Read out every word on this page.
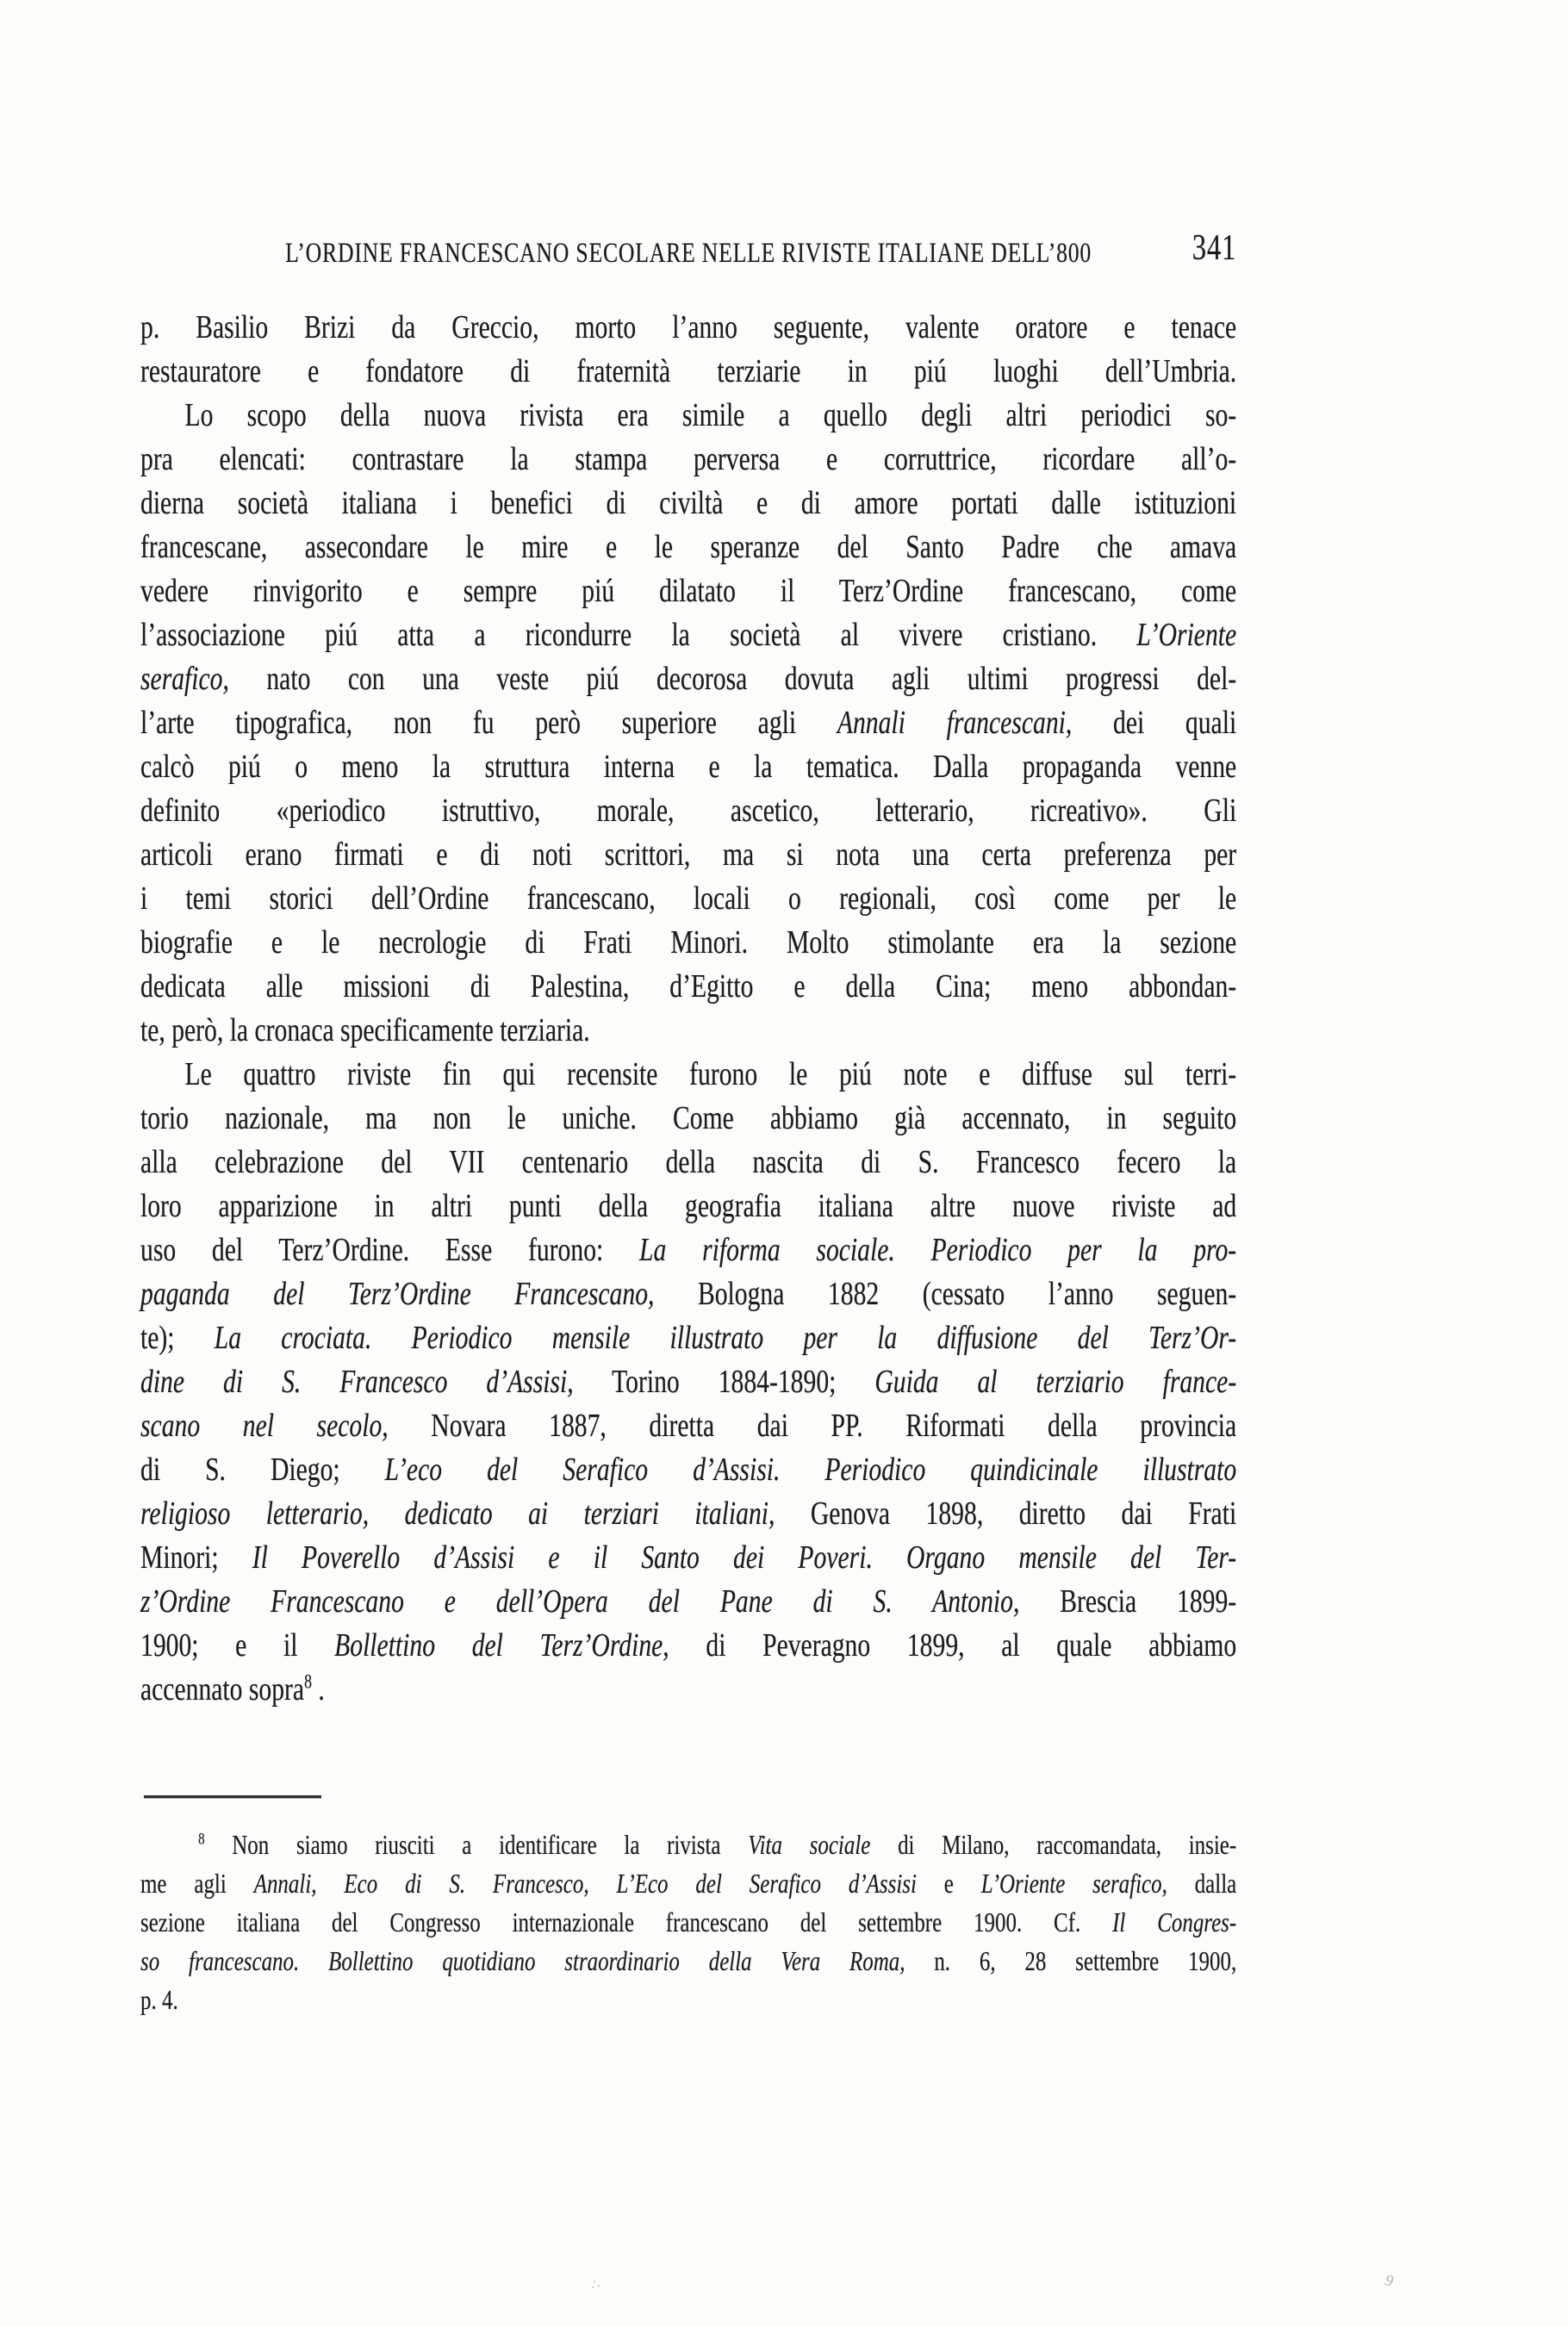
L’ORDINE FRANCESCANO SECOLARE NELLE RIVISTE ITALIANE DELL’800	341
p. Basilio Brizi da Greccio, morto l’anno seguente, valente oratore e tenace
restauratore e fondatore di fraternità terziarie in piú luoghi dell’Umbria.
Lo scopo della nuova rivista era simile a quello degli altri periodici so-
pra elencati: contrastare la stampa perversa e corruttrice, ricordare all’o-
dierna società italiana i benefici di civiltà e di amore portati dalle istituzioni
francescane, assecondare le mire e le speranze del Santo Padre che amava
vedere rinvigorito e sempre piú dilatato il Terz’Ordine francescano, come
l’associazione piú atta a ricondurre la società al vivere cristiano. L’Oriente
serafico, nato con una veste piú decorosa dovuta agli ultimi progressi del-
l’arte tipografica, non fu però superiore agli Annali francescani, dei quali
calcò piú o meno la struttura interna e la tematica. Dalla propaganda venne
definito «periodico istruttivo, morale, ascetico, letterario, ricreativo». Gli
articoli erano firmati e di noti scrittori, ma si nota una certa preferenza per
i temi storici dell’Ordine francescano, locali o regionali, così come per le
biografie e le necrologie di Frati Minori. Molto stimolante era la sezione
dedicata alle missioni di Palestina, d’Egitto e della Cina; meno abbondan-
te, però, la cronaca specificamente terziaria.
Le quattro riviste fin qui recensite furono le piú note e diffuse sul terri-
torio nazionale, ma non le uniche. Come abbiamo già accennato, in seguito
alla celebrazione del VII centenario della nascita di S. Francesco fecero la
loro apparizione in altri punti della geografia italiana altre nuove riviste ad
uso del Terz’Ordine. Esse furono: La riforma sociale. Periodico per la pro-
paganda del Terz’Ordine Francescano, Bologna 1882 (cessato l’anno seguen-
te); La crociata. Periodico mensile illustrato per la diffusione del Terz’Or-
dine di S. Francesco d’Assisi, Torino 1884-1890; Guida al terziario france-
scano nel secolo, Novara 1887, diretta dai PP. Riformati della provincia
di S. Diego; L’eco del Serafico d’Assisi. Periodico quindicinale illustrato
religioso letterario, dedicato ai terziari italiani, Genova 1898, diretto dai Frati
Minori; Il Poverello d’Assisi e il Santo dei Poveri. Organo mensile del Ter-
z’Ordine Francescano e dell’Opera del Pane di S. Antonio, Brescia 1899-
1900; e il Bollettino del Terz’Ordine, di Peveragno 1899, al quale abbiamo
accennato sopra$^8$ .
$^8$ Non siamo riusciti a identificare la rivista Vita sociale di Milano, raccomandata, insie-
me agli Annali, Eco di S. Francesco, L’Eco del Serafico d’Assisi e L’Oriente serafico, dalla
sezione italiana del Congresso internazionale francescano del settembre 1900. Cf. Il Congres-
so francescano. Bollettino quotidiano straordinario della Vera Roma, n. 6, 28 settembre 1900,
p. 4.
∴	9
